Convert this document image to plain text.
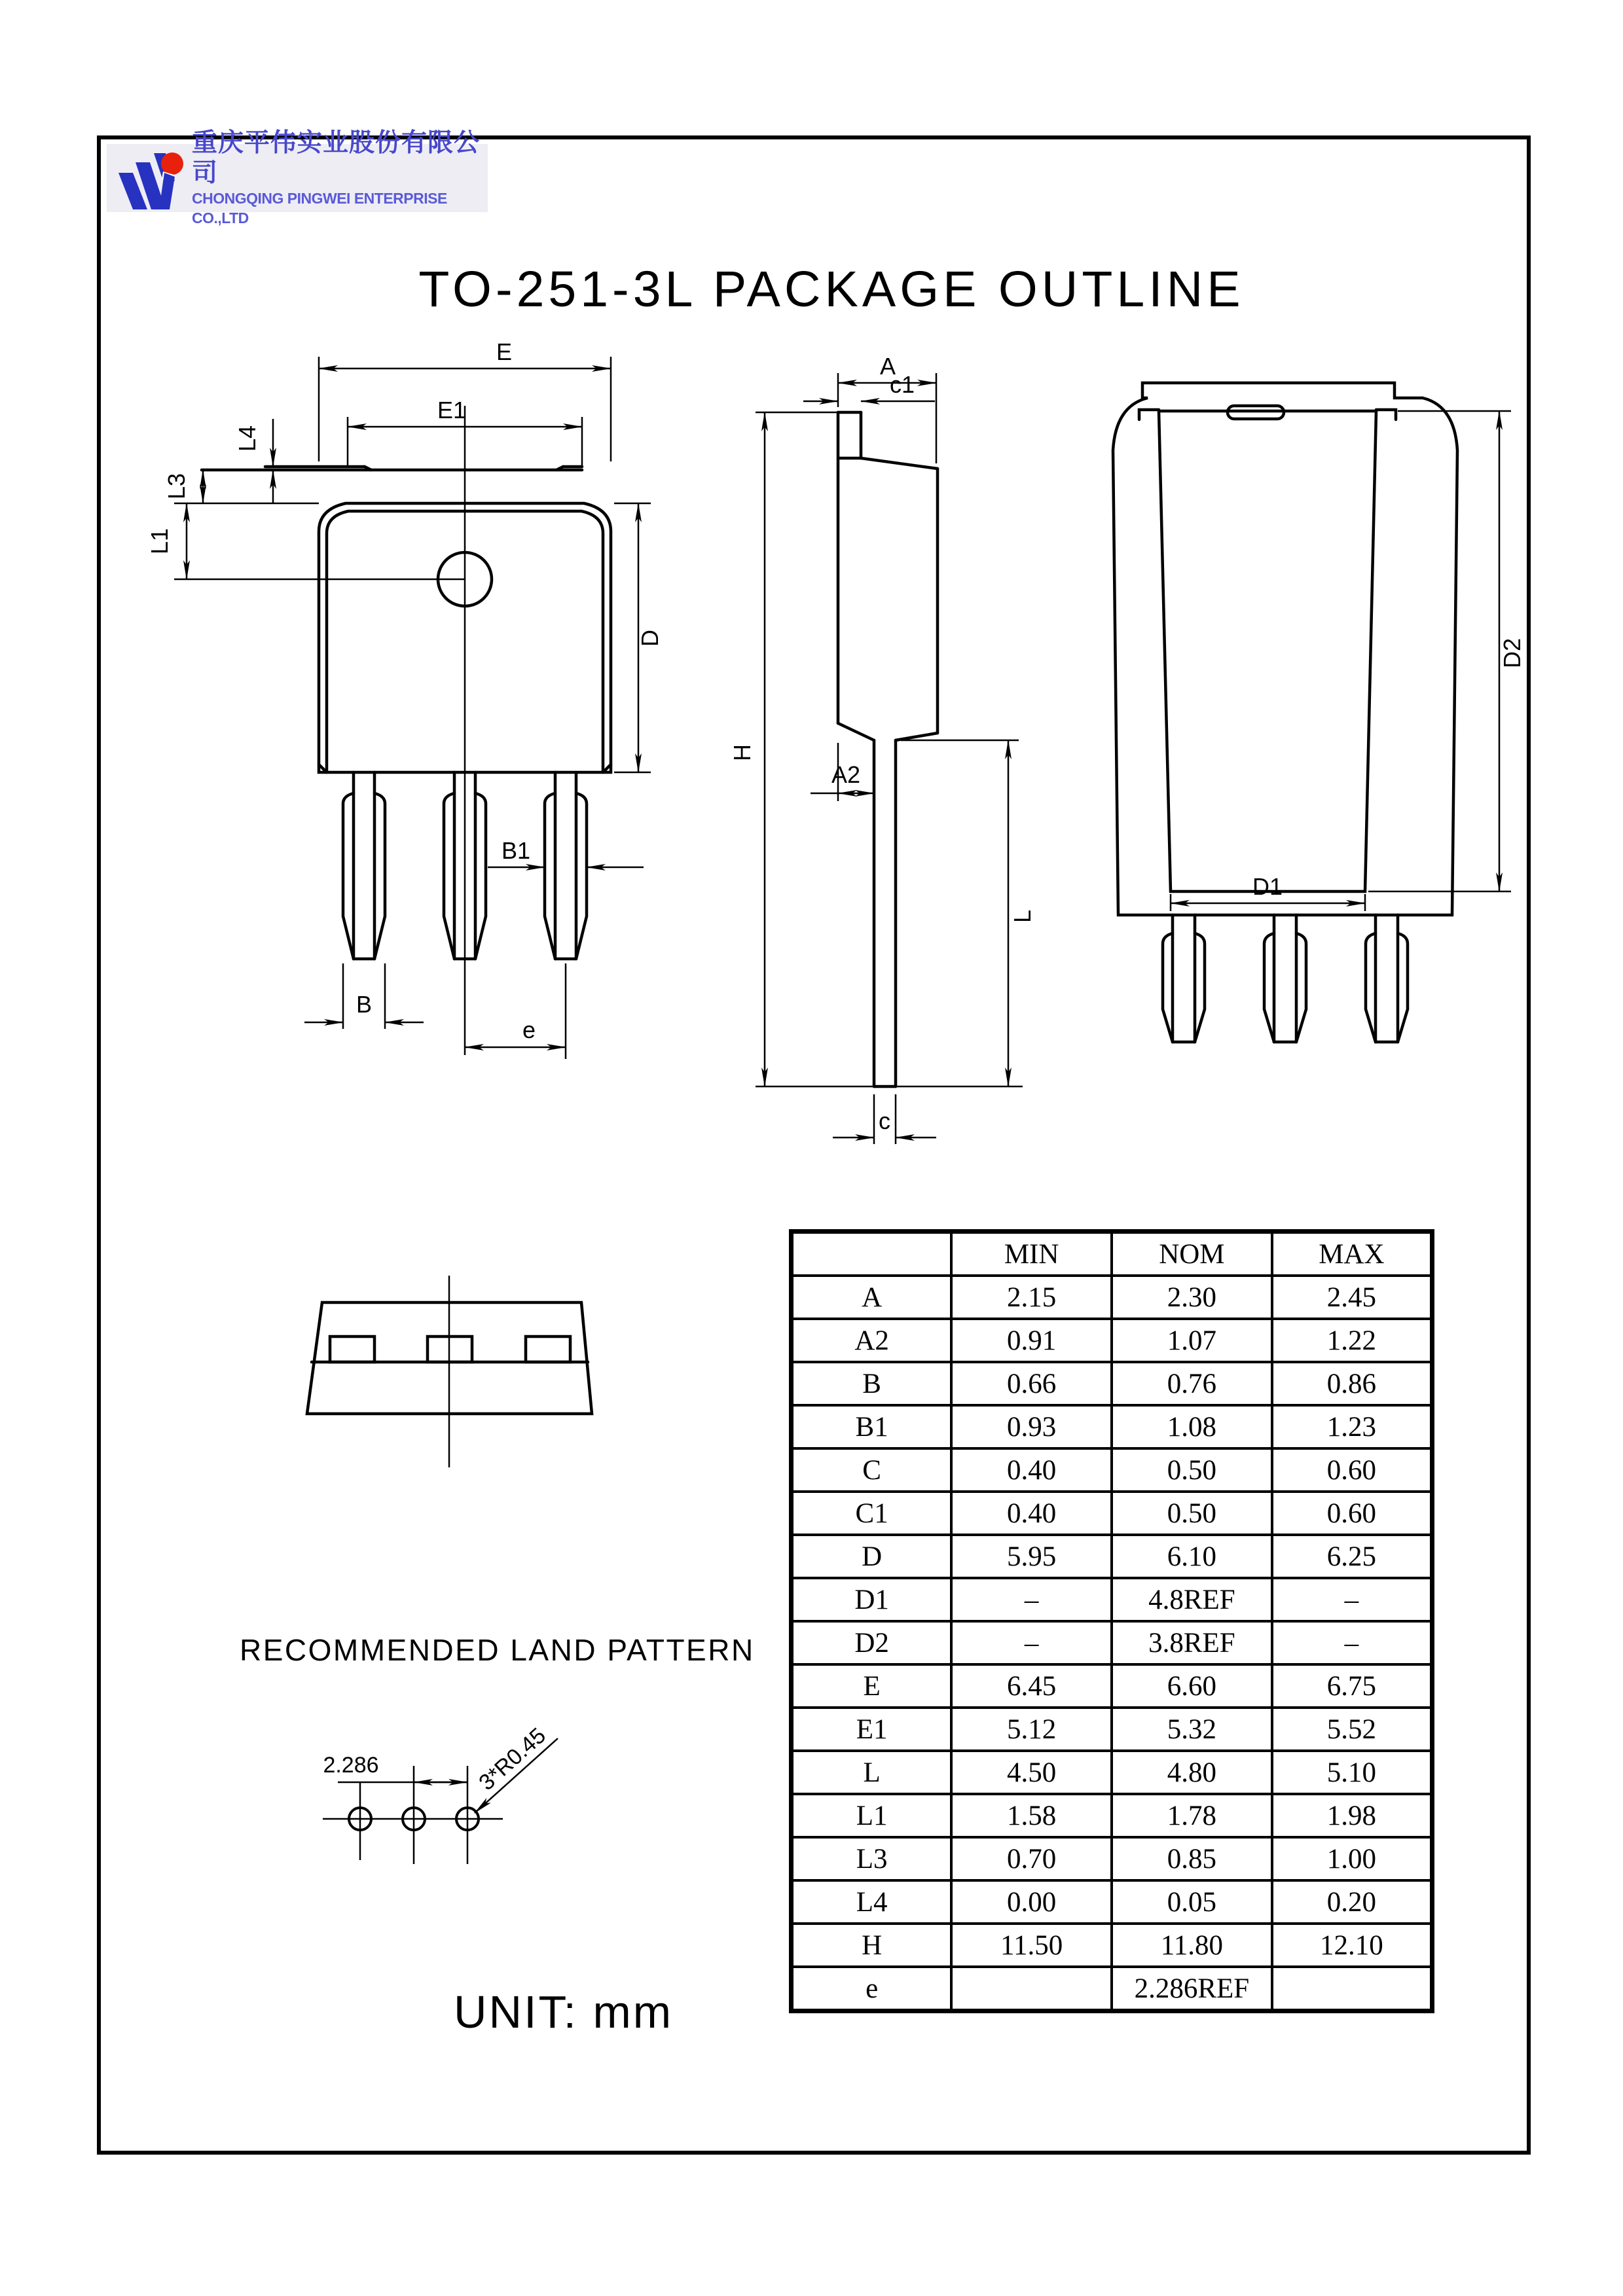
重庆平伟实业股份有限公司
CHONGQING PINGWEI ENTERPRISE CO.,LTD
TO-251-3L PACKAGE OUTLINE
E
E1
L4
L3
L1
D
B1
B
e
A
c1
H
A2
L
c
D1
D2
RECOMMENDED LAND PATTERN
2.286	3*R0.45
UNIT: mm
	MIN	NOM	MAX
A	2.15	2.30	2.45
A2	0.91	1.07	1.22
B	0.66	0.76	0.86
B1	0.93	1.08	1.23
C	0.40	0.50	0.60
C1	0.40	0.50	0.60
D	5.95	6.10	6.25
D1	–	4.8REF	–
D2	–	3.8REF	–
E	6.45	6.60	6.75
E1	5.12	5.32	5.52
L	4.50	4.80	5.10
L1	1.58	1.78	1.98
L3	0.70	0.85	1.00
L4	0.00	0.05	0.20
H	11.50	11.80	12.10
e		2.286REF	
